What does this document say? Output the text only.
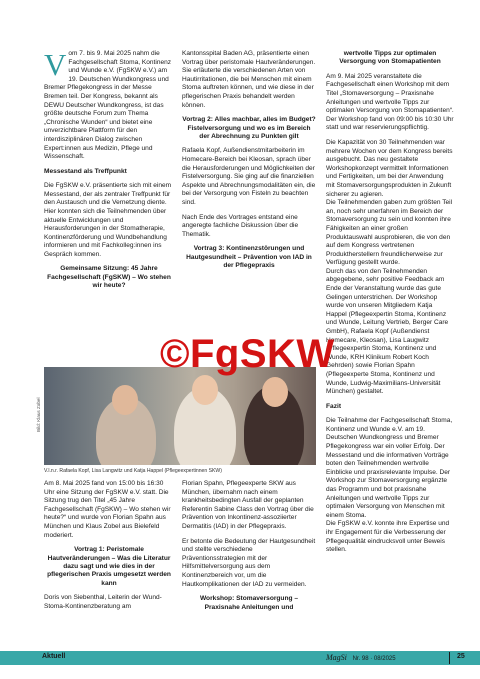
Vom 7. bis 9. Mai 2025 nahm die Fachgesellschaft Stoma, Kontinenz und Wunde e.V. (FgSKW e.V.) am 19. Deutschen Wundkongress und Bremer Pflegekongress in der Messe Bremen teil. Der Kongress, bekannt als DEWU Deutscher Wundkongress, ist das größte deutsche Forum zum Thema „Chronische Wunden“ und bietet eine unverzichtbare Plattform für den interdisziplinären Dialog zwischen Expert:innen aus Medizin, Pflege und Wissenschaft.

Messestand als Treffpunkt

Die FgSKW e.V. präsentierte sich mit einem Messestand, der als zentraler Treffpunkt für den Austausch und die Vernetzung diente. Hier konnten sich die Teilnehmenden über aktuelle Entwicklungen und Herausforderungen in der Stomatherapie, Kontinenzförderung und Wundbehandlung informieren und mit Fachkolleg:innen ins Gespräch kommen.

Gemeinsame Sitzung: 45 Jahre Fachgesellschaft (FgSKW) – Wo stehen wir heute?

Kantonsspital Baden AG, präsentierte einen Vortrag über peristomale Hautveränderungen. Sie erläuterte die verschiedenen Arten von Hautirritationen, die bei Menschen mit einem Stoma auftreten können, und wie diese in der pflegerischen Praxis behandelt werden können.

Vortrag 2: Alles machbar, alles im Budget? Fistelversorgung und wo es im Bereich der Abrechnung zu Punkten gilt

Rafaela Kopf, Außendienstmitarbeiterin im Homecare-Bereich bei Kleosan, sprach über die Herausforderungen und Möglichkeiten der Fistelversorgung. Sie ging auf die finanziellen Aspekte und Abrechnungsmodalitäten ein, die bei der Versorgung von Fisteln zu beachten sind.

Nach Ende des Vortrages entstand eine angeregte fachliche Diskussion über die Thematik.

Vortrag 3: Kontinenzstörungen und Hautgesundheit – Prävention von IAD in der Pflegepraxis
wertvolle Tipps zur optimalen Versorgung von Stomapatienten

Am 9. Mai 2025 veranstaltete die Fachgesellschaft einen Workshop mit dem Titel „Stomaversorgung – Praxisnahe Anleitungen und wertvolle Tipps zur optimalen Versorgung von Stomapatienten“. Der Workshop fand von 09:00 bis 10:30 Uhr statt und war reservierungspflichtig.

Die Kapazität von 30 Teilnehmenden war mehrere Wochen vor dem Kongress bereits ausgebucht. Das neu gestaltete Workshopkonzept vermittelt Informationen und Fertigkeiten, um bei der Anwendung mit Stomaversorgungsprodukten in Zukunft sicherer zu agieren.

Die Teilnehmenden gaben zum größten Teil an, noch sehr unerfahren im Bereich der Stomaversorgung zu sein und konnten ihre Fähigkeiten an einer großen Produktauswahl ausprobieren, die von den auf dem Kongress vertretenen Produktherstellern freundlicherweise zur Verfügung gestellt wurde.

Durch das von den Teilnehmenden abgegebene, sehr positive Feedback am Ende der Veranstaltung wurde das gute Gelingen unterstrichen. Der Workshop wurde von unseren Mitgliedern Katja Happel (Pflegeexpertin Stoma, Kontinenz und Wunde, Leitung Vertrieb, Berger Care GmbH), Rafaela Kopf (Außendienst Homecare, Kleosan), Lisa Laugwitz (Pflegeexpertin Stoma, Kontinenz und Wunde, KRH Klinikum Robert Koch Gehrden) sowie Florian Spahn (Pflegeexperte Stoma, Kontinenz und Wunde, Ludwig-Maximilians-Universität München) gestaltet.

Fazit

Die Teilnahme der Fachgesellschaft Stoma, Kontinenz und Wunde e.V. am 19. Deutschen Wundkongress und Bremer Pflegekongress war ein voller Erfolg. Der Messestand und die informativen Vorträge boten den Teilnehmenden wertvolle Einblicke und praxisrelevante Impulse. Der Workshop zur Stomaversorgung ergänzte das Programm und bot praxisnahe Anleitungen und wertvolle Tipps zur optimalen Versorgung von Menschen mit einem Stoma.

Die FgSKW e.V. konnte ihre Expertise und ihr Engagement für die Verbesserung der Pflegequalität eindrucksvoll unter Beweis stellen.

Bild: Klaus Zobel
V.l.n.r. Rafaela Kopf, Lisa Langwitz und Katja Happel (Pflegeexpertinnen SKW)
©FgSKW

Am 8. Mai 2025 fand von 15:00 bis 16:30 Uhr eine Sitzung der FgSKW e.V. statt. Die Sitzung trug den Titel „45 Jahre Fachgesellschaft (FgSKW) – Wo stehen wir heute?“ und wurde von Florian Spahn aus München und Klaus Zobel aus Bielefeld moderiert.

Vortrag 1: Peristomale Hautveränderungen – Was die Literatur dazu sagt und wie dies in der pflegerischen Praxis umgesetzt werden kann

Doris von Siebenthal, Leiterin der Wund-Stoma-Kontinenzberatung am

Florian Spahn, Pflegeexperte SKW aus München, übernahm nach einem krankheitsbedingten Ausfall der geplanten Referentin Sabine Class den Vortrag über die Prävention von Inkontinenz-assoziierter Dermatitis (IAD) in der Pflegepraxis.

Er betonte die Bedeutung der Hautgesundheit und stellte verschiedene Präventionsstrategien mit der Hilfsmittelversorgung aus dem Kontinenzbereich vor, um die Hautkomplikationen der IAD zu vermeiden.

Workshop: Stomaversorgung – Praxisnahe Anleitungen und
Aktuell	MagSi Nr. 98 · 08/2025	25
